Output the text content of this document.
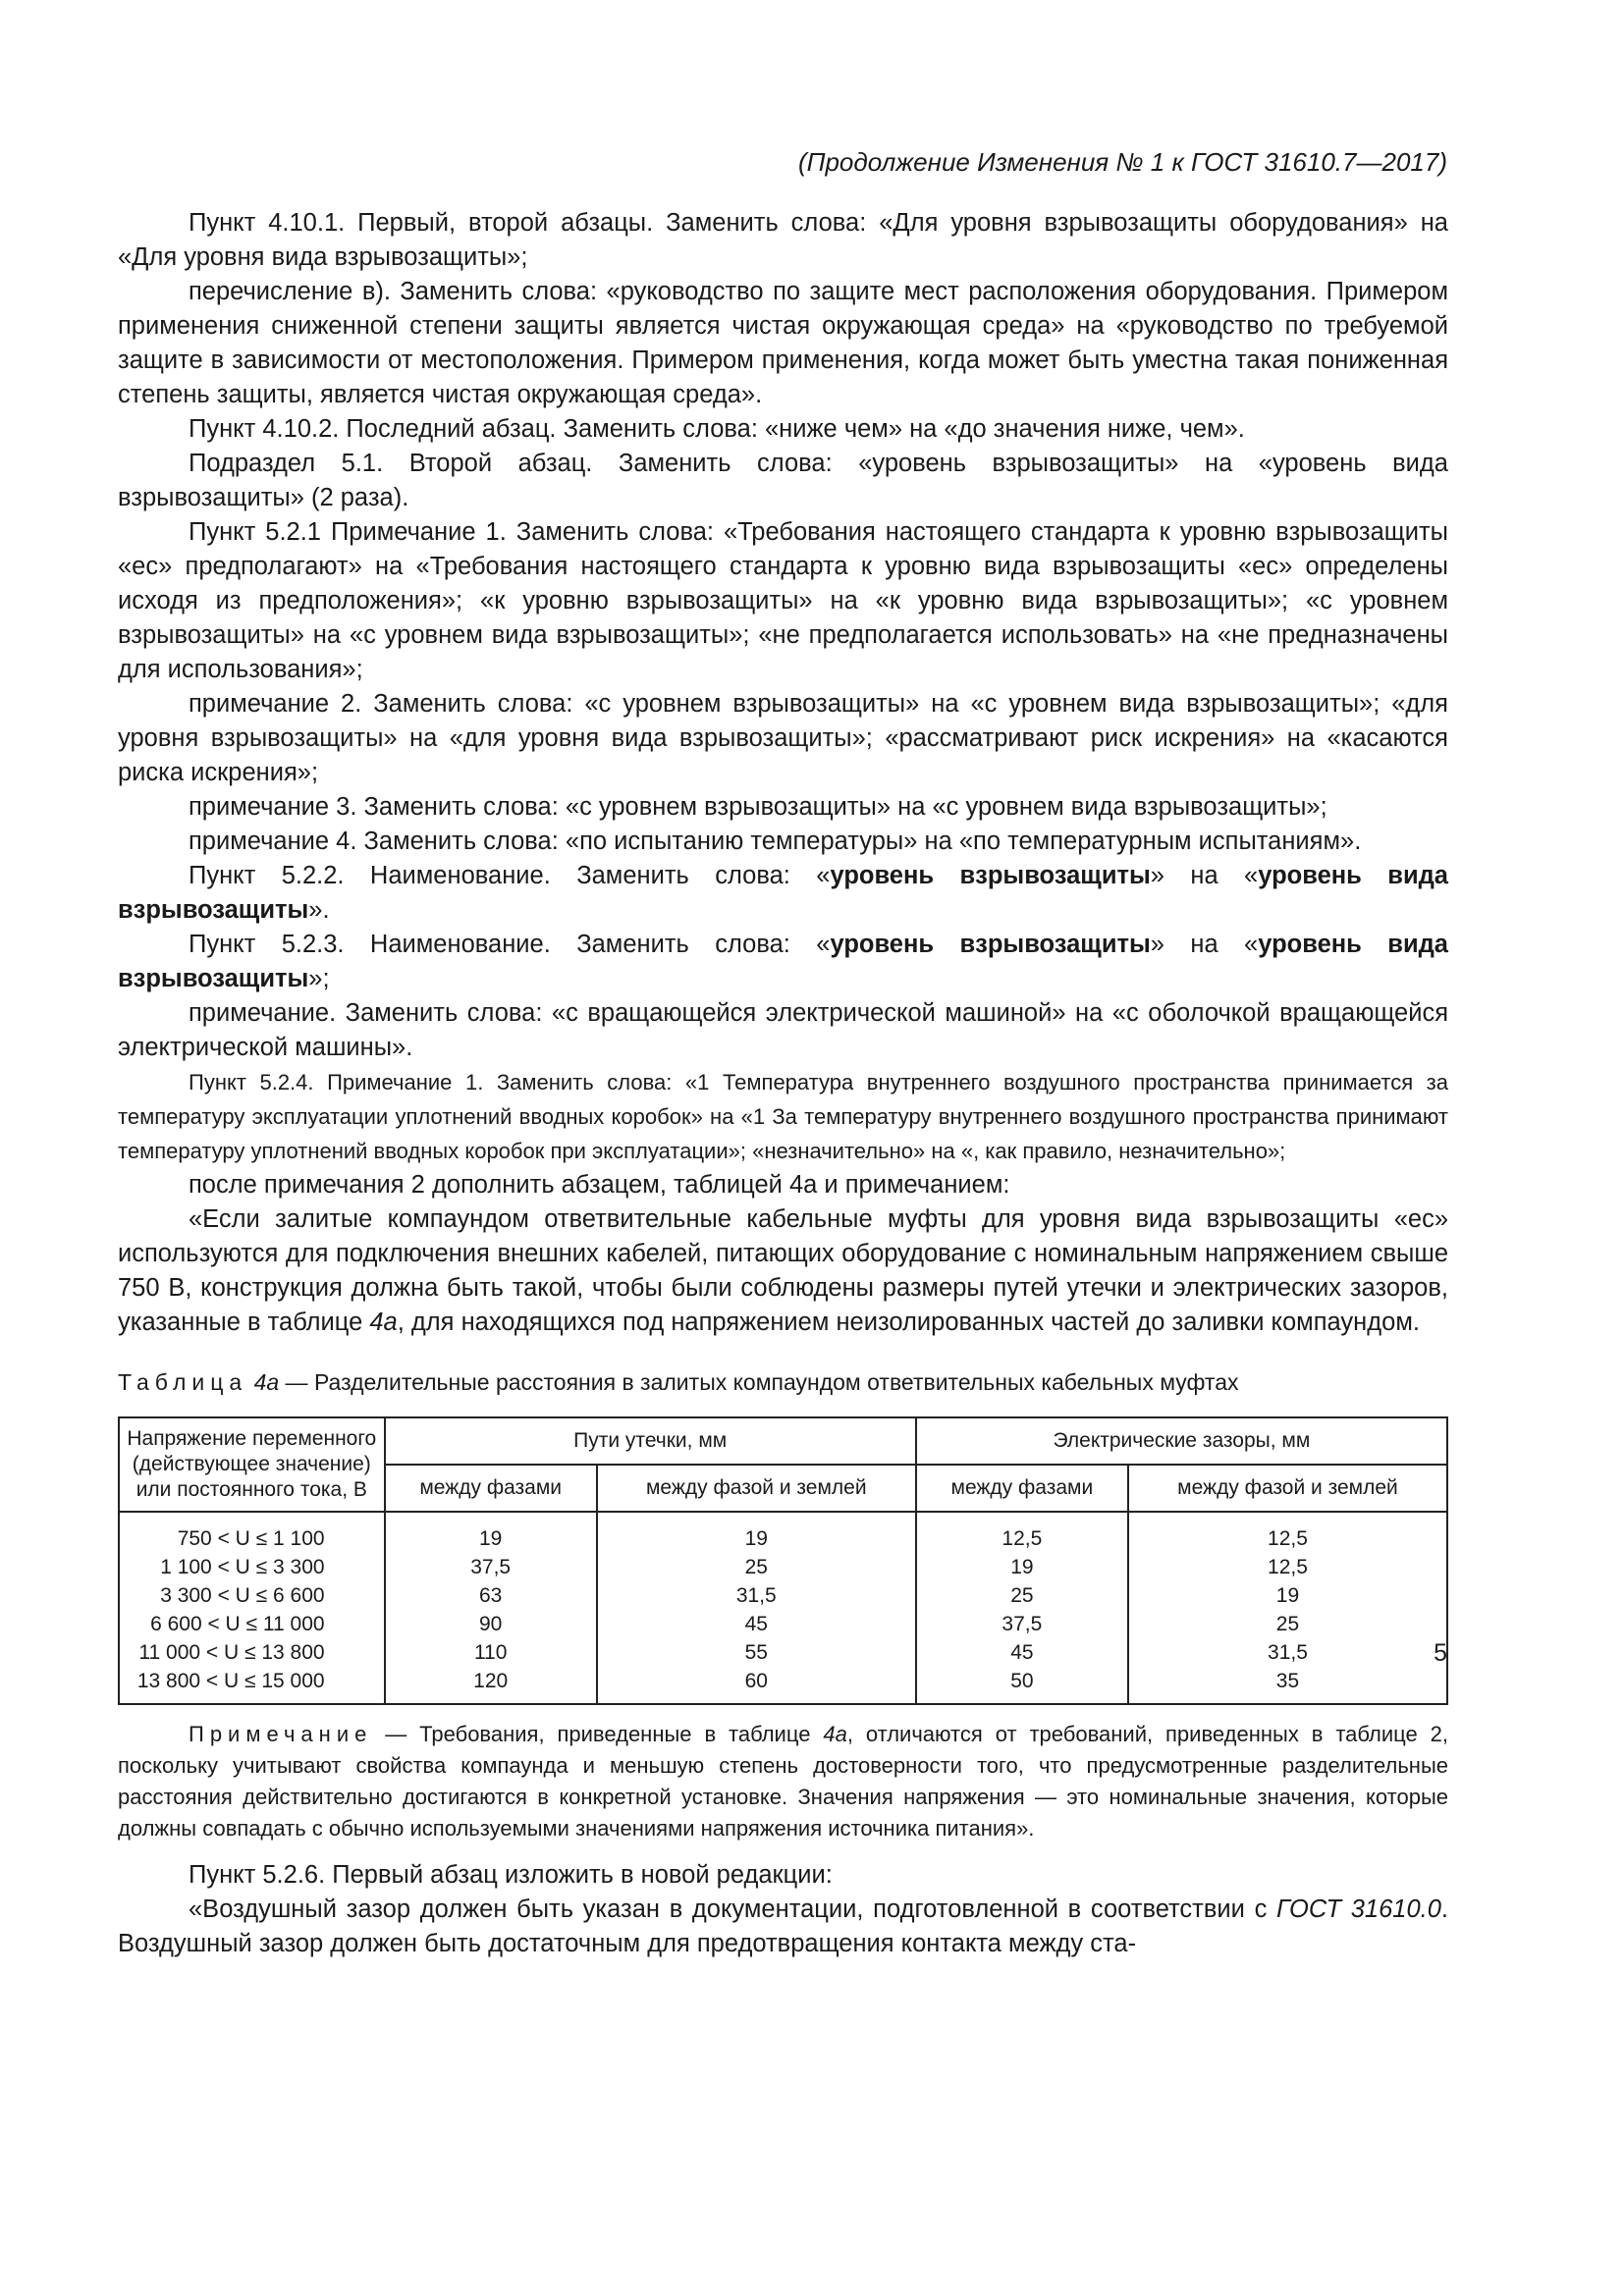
(Продолжение Изменения № 1 к ГОСТ 31610.7—2017)

Пункт 4.10.1. Первый, второй абзацы. Заменить слова: «Для уровня взрывозащиты оборудования» на «Для уровня вида взрывозащиты»;

перечисление в). Заменить слова: «руководство по защите мест расположения оборудования. Примером применения сниженной степени защиты является чистая окружающая среда» на «руководство по требуемой защите в зависимости от местоположения. Примером применения, когда может быть уместна такая пониженная степень защиты, является чистая окружающая среда».

Пункт 4.10.2. Последний абзац. Заменить слова: «ниже чем» на «до значения ниже, чем».

Подраздел 5.1. Второй абзац. Заменить слова: «уровень взрывозащиты» на «уровень вида взрывозащиты» (2 раза).

Пункт 5.2.1 Примечание 1. Заменить слова: «Требования настоящего стандарта к уровню взрывозащиты «ec» предполагают» на «Требования настоящего стандарта к уровню вида взрывозащиты «ec» определены исходя из предположения»; «к уровню взрывозащиты» на «к уровню вида взрывозащиты»; «с уровнем взрывозащиты» на «с уровнем вида взрывозащиты»; «не предполагается использовать» на «не предназначены для использования»;

примечание 2. Заменить слова: «с уровнем взрывозащиты» на «с уровнем вида взрывозащиты»; «для уровня взрывозащиты» на «для уровня вида взрывозащиты»; «рассматривают риск искрения» на «касаются риска искрения»;

примечание 3. Заменить слова: «с уровнем взрывозащиты» на «с уровнем вида взрывозащиты»;

примечание 4. Заменить слова: «по испытанию температуры» на «по температурным испытаниям».

Пункт 5.2.2. Наименование. Заменить слова: «уровень взрывозащиты» на «уровень вида взрывозащиты».

Пункт 5.2.3. Наименование. Заменить слова: «уровень взрывозащиты» на «уровень вида взрывозащиты»;

примечание. Заменить слова: «с вращающейся электрической машиной» на «с оболочкой вращающейся электрической машины».

Пункт 5.2.4. Примечание 1. Заменить слова: «1 Температура внутреннего воздушного пространства принимается за температуру эксплуатации уплотнений вводных коробок» на «1 За температуру внутреннего воздушного пространства принимают температуру уплотнений вводных коробок при эксплуатации»; «незначительно» на «, как правило, незначительно»;

после примечания 2 дополнить абзацем, таблицей 4а и примечанием:

«Если залитые компаундом ответвительные кабельные муфты для уровня вида взрывозащиты «ec» используются для подключения внешних кабелей, питающих оборудование с номинальным напряжением свыше 750 В, конструкция должна быть такой, чтобы были соблюдены размеры путей утечки и электрических зазоров, указанные в таблице 4а, для находящихся под напряжением неизолированных частей до заливки компаундом.

Таблица 4а — Разделительные расстояния в залитых компаундом ответвительных кабельных муфтах
Напряжение переменного (действующее значение) или постоянного тока, В	Пути утечки, мм		Электрические зазоры, мм	
	между фазами	между фазой и землей	между фазами	между фазой и землей
750 < U ≤ 1 100	19	19	12,5	12,5
1 100 < U ≤ 3 300	37,5	25	19	12,5
3 300 < U ≤ 6 600	63	31,5	25	19
6 600 < U ≤ 11 000	90	45	37,5	25
11 000 < U ≤ 13 800	110	55	45	31,5
13 800 < U ≤ 15 000	120	60	50	35

Примечание — Требования, приведенные в таблице 4а, отличаются от требований, приведенных в таблице 2, поскольку учитывают свойства компаунда и меньшую степень достоверности того, что предусмотренные разделительные расстояния действительно достигаются в конкретной установке. Значения напряжения — это номинальные значения, которые должны совпадать с обычно используемыми значениями напряжения источника питания».

Пункт 5.2.6. Первый абзац изложить в новой редакции:

«Воздушный зазор должен быть указан в документации, подготовленной в соответствии с ГОСТ 31610.0. Воздушный зазор должен быть достаточным для предотвращения контакта между ста-

5
